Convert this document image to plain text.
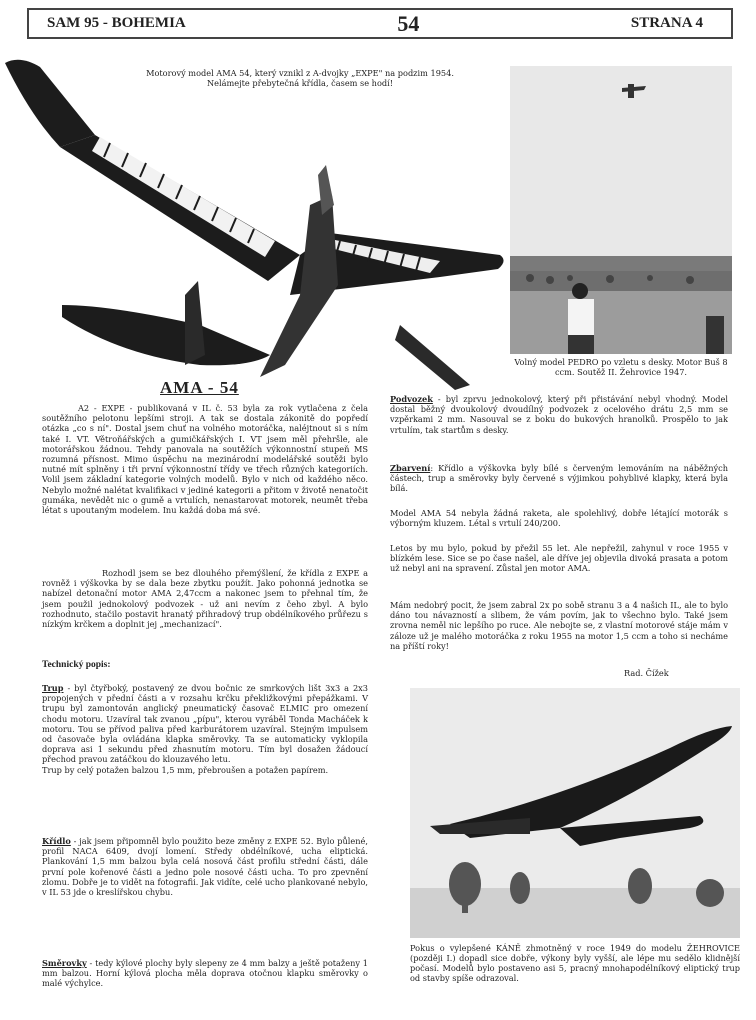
SAM 95 - BOHEMIA	54	STRANA 4
Motorový model AMA 54, který vznikl z A-dvojky „EXPE" na podzim 1954. Nelámejte přebytečná křídla, časem se hodí!
Volný model PEDRO po vzletu s desky. Motor Buš 8 ccm. Soutěž II. Žehrovice 1947.
AMA - 54

A2 - EXPE - publikovaná v IL č. 53 byla za rok vytlačena z čela soutěžního pelotonu lepšími stroji. A tak se dostala zákonitě do popředí otázka „co s ní". Dostal jsem chuť na volného motoráčka, naléjtnout si s ním také I. VT. Větroňářských a gumičkářských I. VT jsem měl přehršle, ale motorářskou žádnou. Tehdy panovala na soutěžích výkonnostní stupeň MS rozumná přísnost. Mimo úspěchu na mezinárodní modelářské soutěži bylo nutné mít splněny i tři první výkonnostní třídy ve třech různých kategoriích. Volil jsem základní kategorie volných modelů. Bylo v nich od každého něco. Nebylo možné nalétat kvalifikaci v jediné kategorii a přitom v životě nenatočit gumáka, nevědět nic o gumě a vrtulích, nenastarovat motorek, neumět třeba létat s upoutaným modelem. Inu každá doba má své.

Rozhodl jsem se bez dlouhého přemýšlení, že křídla z EXPE a rovněž i výškovka by se dala beze zbytku použít. Jako pohonná jednotka se nabízel detonační motor AMA 2,47ccm a nakonec jsem to přehnal tím, že jsem použil jednokolový podvozek - už ani nevím z čeho zbyl. A bylo rozhodnuto, stačilo postavit hranatý přihradový trup obdélníkového průřezu s nízkým krčkem a doplnit jej „mechanizací".

Technický popis:

Trup - byl čtyřboký, postavený ze dvou bočnic ze smrkových lišt 3x3 a 2x3 propojených v přední části a v rozsahu krčku překližkovými přepážkami. V trupu byl zamontován anglický pneumatický časovač ELMIC pro omezení chodu motoru. Uzavíral tak zvanou „pípu", kterou vyráběl Tonda Macháček k motoru. Tou se přívod paliva před karburátorem uzavíral. Stejným impulsem od časovače byla ovládána klapka směrovky. Ta se automaticky vyklopila doprava asi 1 sekundu před zhasnutím motoru. Tím byl dosažen žádoucí přechod pravou zatáčkou do klouzavého letu.
Trup by celý potažen balzou 1,5 mm, přebroušen a potažen papírem.

Křídlo - jak jsem připomněl bylo použito beze změny z EXPE 52. Bylo půlené, profil NACA 6409, dvojí lomení. Středy obdélníkové, ucha eliptická. Plankování 1,5 mm balzou byla celá nosová část profilu střední části, dále první pole kořenové části a jedno pole nosové části ucha. To pro zpevnění zlomu. Dobře je to vidět na fotografii. Jak vidíte, celé ucho plankované nebylo, v IL 53 jde o kreslířskou chybu.

Směrovky - tedy kýlové plochy byly slepeny ze 4 mm balzy a ještě potaženy 1 mm balzou. Horní kýlová plocha měla doprava otočnou klapku směrovky o malé výchylce.

Podvozek - byl zprvu jednokolový, který při přistávání nebyl vhodný. Model dostal běžný dvoukolový dvoudílný podvozek z ocelového drátu 2,5 mm se vzpěrkami 2 mm. Nasouval se z boku do bukových hranolků. Prospělo to jak vrtulím, tak startům s desky.

Zbarvení: Křídlo a výškovka byly bílé s červeným lemováním na náběžných částech, trup a směrovky byly červené s výjimkou pohyblivé klapky, která byla bílá.

Model AMA 54 nebyla žádná raketa, ale spolehlivý, dobře létající motorák s výborným kluzem. Létal s vrtulí 240/200.

Letos by mu bylo, pokud by přežil 55 let. Ale nepřežil, zahynul v roce 1955 v blízkém lese. Sice se po čase našel, ale dříve jej objevila divoká prasata a potom už nebyl ani na spravení. Zůstal jen motor AMA.

Mám nedobrý pocit, že jsem zabral 2x po sobě stranu 3 a 4 našich IL, ale to bylo dáno tou návazností a slibem, že vám povím, jak to všechno bylo. Také jsem zrovna neměl nic lepšího po ruce. Ale nebojte se, z vlastní motorové stáje mám v záloze už je malého motoráčka z roku 1955 na motor 1,5 ccm a toho si necháme na příští roky!

Rad. Čížek
Pokus o vylepšené KÁNĚ zhmotněný v roce 1949 do modelu ŽEHROVICE (později I.) dopadl sice dobře, výkony byly vyšší, ale lépe mu sedělo klidnější počasí. Modelů bylo postaveno asi 5, pracný mnohapodélníkový eliptický trup od stavby spíše odrazoval.
